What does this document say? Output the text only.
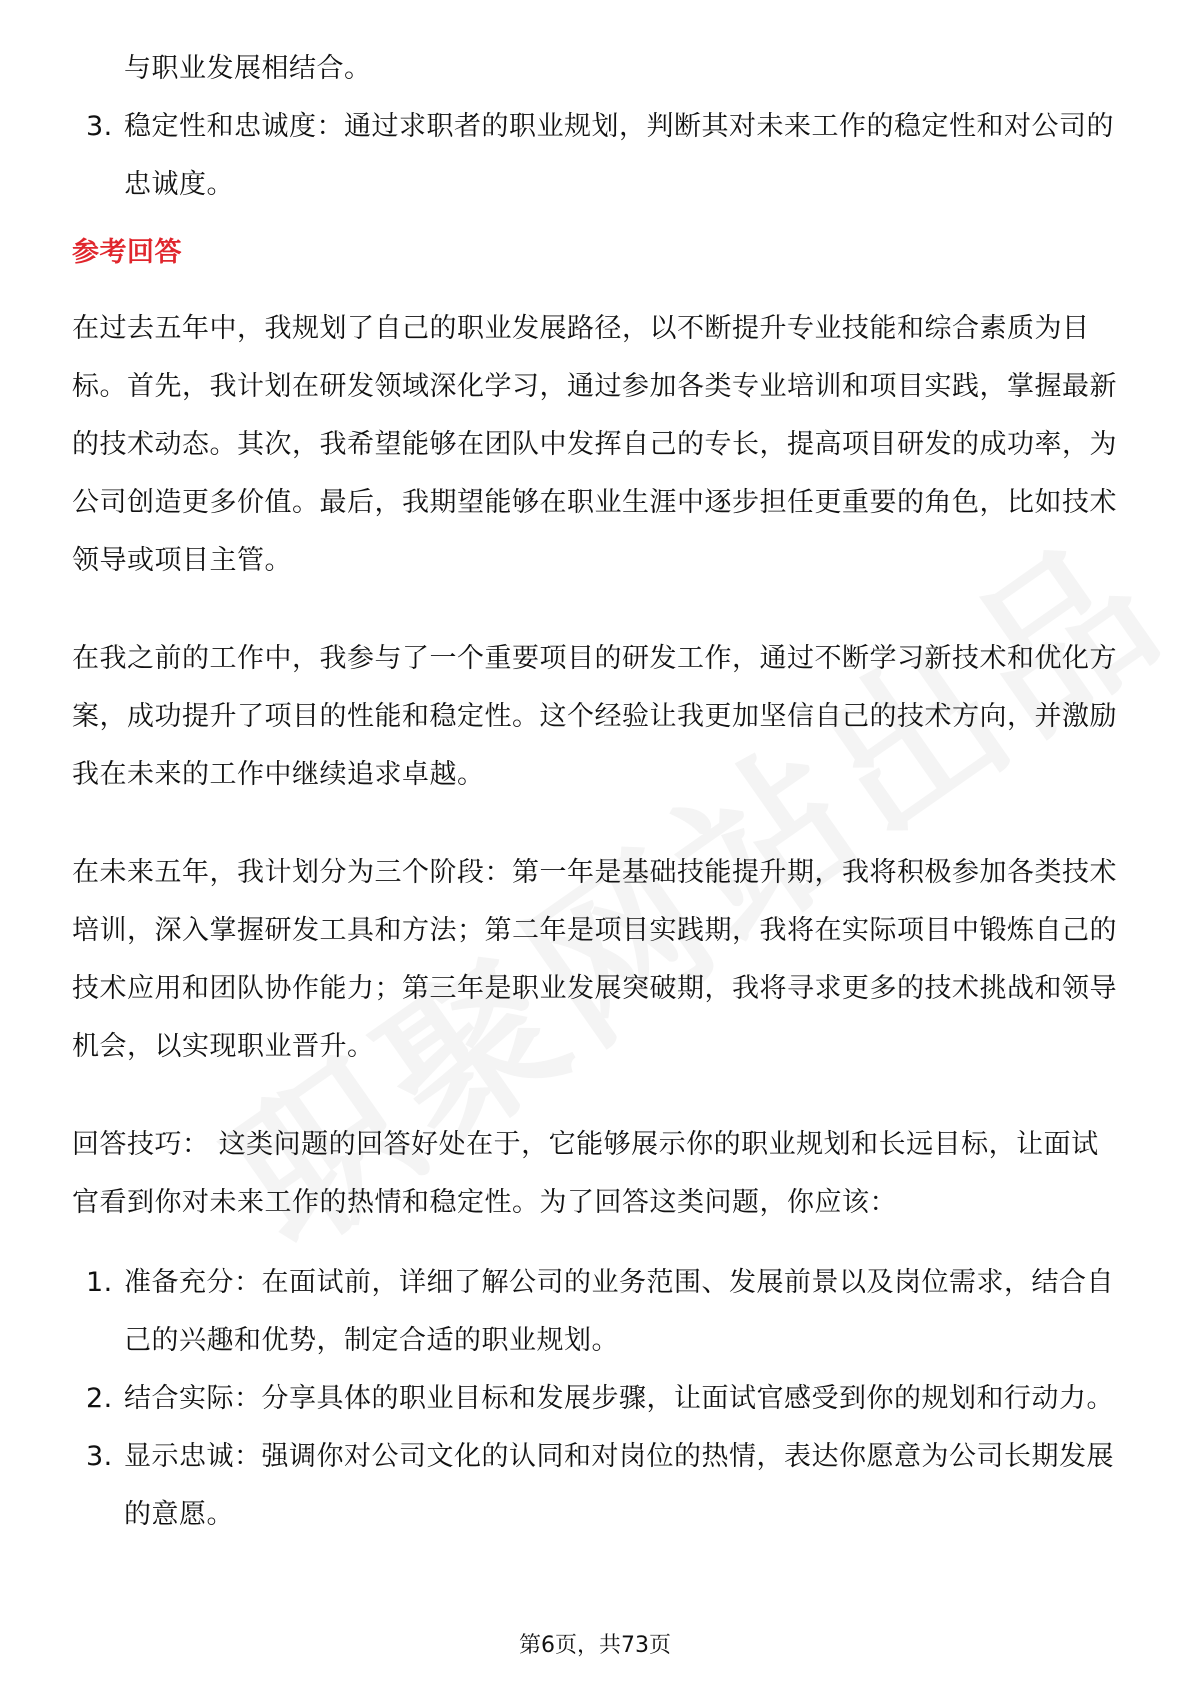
与职业发展相结合。

3. 稳定性和忠诚度：通过求职者的职业规划，判断其对未来工作的稳定性和对公司的忠诚度。
参考回答

在过去五年中，我规划了自己的职业发展路径，以不断提升专业技能和综合素质为目标。首先，我计划在研发领域深化学习，通过参加各类专业培训和项目实践，掌握最新的技术动态。其次，我希望能够在团队中发挥自己的专长，提高项目研发的成功率，为公司创造更多价值。最后，我期望能够在职业生涯中逐步担任更重要的角色，比如技术领导或项目主管。

在我之前的工作中，我参与了一个重要项目的研发工作，通过不断学习新技术和优化方案，成功提升了项目的性能和稳定性。这个经验让我更加坚信自己的技术方向，并激励我在未来的工作中继续追求卓越。

在未来五年，我计划分为三个阶段：第一年是基础技能提升期，我将积极参加各类技术培训，深入掌握研发工具和方法；第二年是项目实践期，我将在实际项目中锻炼自己的技术应用和团队协作能力；第三年是职业发展突破期，我将寻求更多的技术挑战和领导机会，以实现职业晋升。

回答技巧： 这类问题的回答好处在于，它能够展示你的职业规划和长远目标，让面试官看到你对未来工作的热情和稳定性。为了回答这类问题，你应该：

1. 准备充分：在面试前，详细了解公司的业务范围、发展前景以及岗位需求，结合自己的兴趣和优势，制定合适的职业规划。
2. 结合实际：分享具体的职业目标和发展步骤，让面试官感受到你的规划和行动力。
3. 显示忠诚：强调你对公司文化的认同和对岗位的热情，表达你愿意为公司长期发展的意愿。
第6页，共73页
